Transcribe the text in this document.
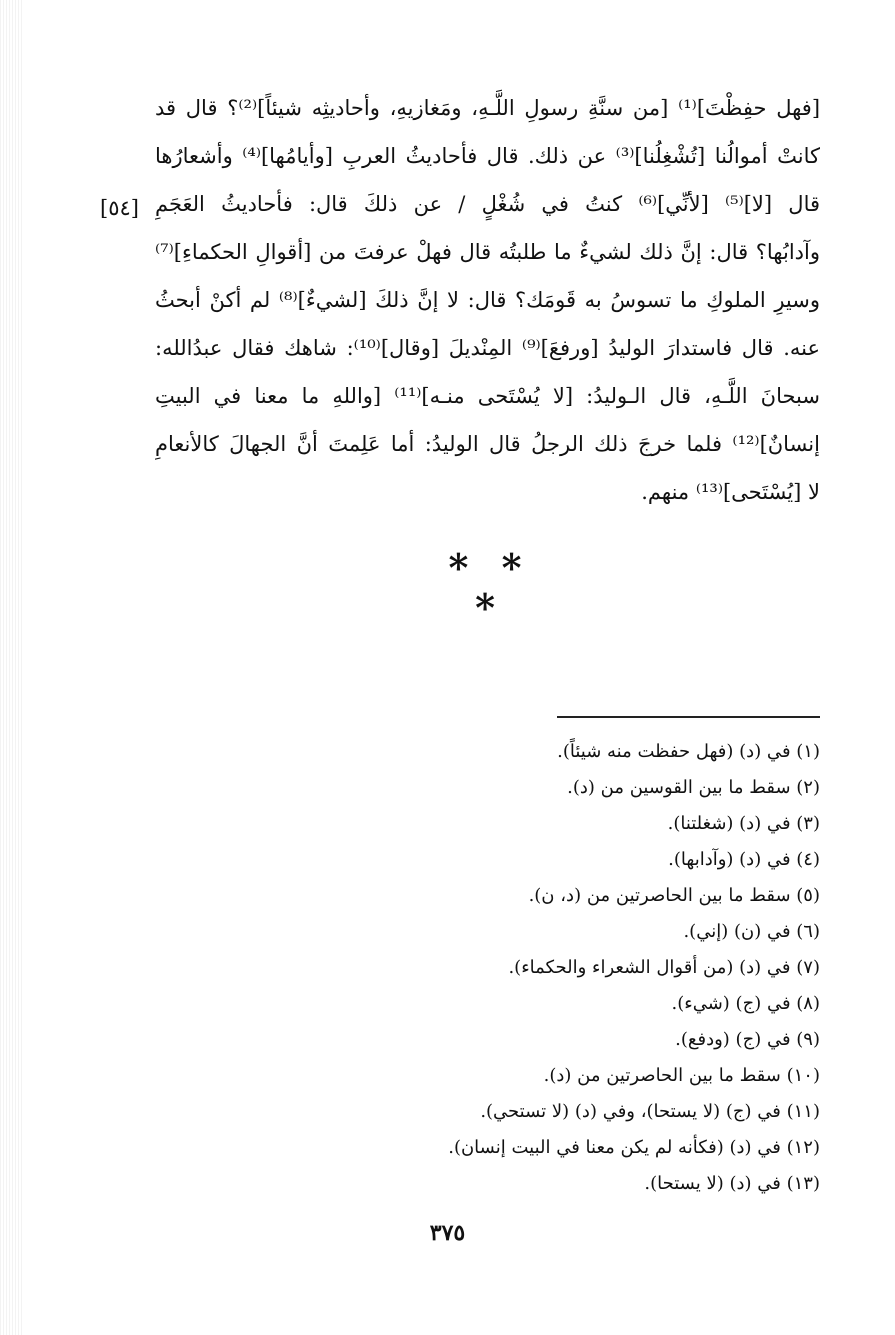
[فهل حفِظْتَ]⁽¹⁾ [من سنَّةِ رسولِ اللَّـهِ، ومَغازيهِ، وأحاديثِه شيئاً]⁽²⁾؟ قال قد
كانتْ أموالُنا [تُشْغِلُنا]⁽³⁾ عن ذلك. قال فأحاديثُ العربِ [وأيامُها]⁽⁴⁾ وأشعارُها
قال [لا]⁽⁵⁾ [لأنِّي]⁽⁶⁾ كنتُ في شُغْلٍ / عن ذلكَ قال: فأحاديثُ العَجَمِ
وآدابُها؟ قال: إنَّ ذلك لشيءٌ ما طلبتُه قال فهلْ عرفتَ من [أقوالِ الحكماءِ]⁽⁷⁾
وسيرِ الملوكِ ما تسوسُ به قَومَك؟ قال: لا إنَّ ذلكَ [لشيءٌ]⁽⁸⁾ لم أكنْ أبحثُ
عنه. قال فاستدارَ الوليدُ [ورفعَ]⁽⁹⁾ المِنْديلَ [وقال]⁽¹⁰⁾: شاهك فقال عبدُالله:
سبحانَ اللَّـهِ، قال الـوليدُ: [لا يُسْتَحى منـه]⁽¹¹⁾ [واللهِ ما معنا في البيتِ
إنسانٌ]⁽¹²⁾ فلما خرجَ ذلك الرجلُ قال الوليدُ: أما عَلِمتَ أنَّ الجهالَ كالأنعامِ
لا [يُسْتَحى]⁽¹³⁾ منهم.
[٥٤]
* * *
(١) في (د) (فهل حفظت منه شيئاً).
(٢) سقط ما بين القوسين من (د).
(٣) في (د) (شغلتنا).
(٤) في (د) (وآدابها).
(٥) سقط ما بين الحاصرتين من (د، ن).
(٦) في (ن) (إني).
(٧) في (د) (من أقوال الشعراء والحكماء).
(٨) في (ج) (شيء).
(٩) في (ج) (ودفع).
(١٠) سقط ما بين الحاصرتين من (د).
(١١) في (ج) (لا يستحا)، وفي (د) (لا تستحي).
(١٢) في (د) (فكأنه لم يكن معنا في البيت إنسان).
(١٣) في (د) (لا يستحا).
٣٧٥
